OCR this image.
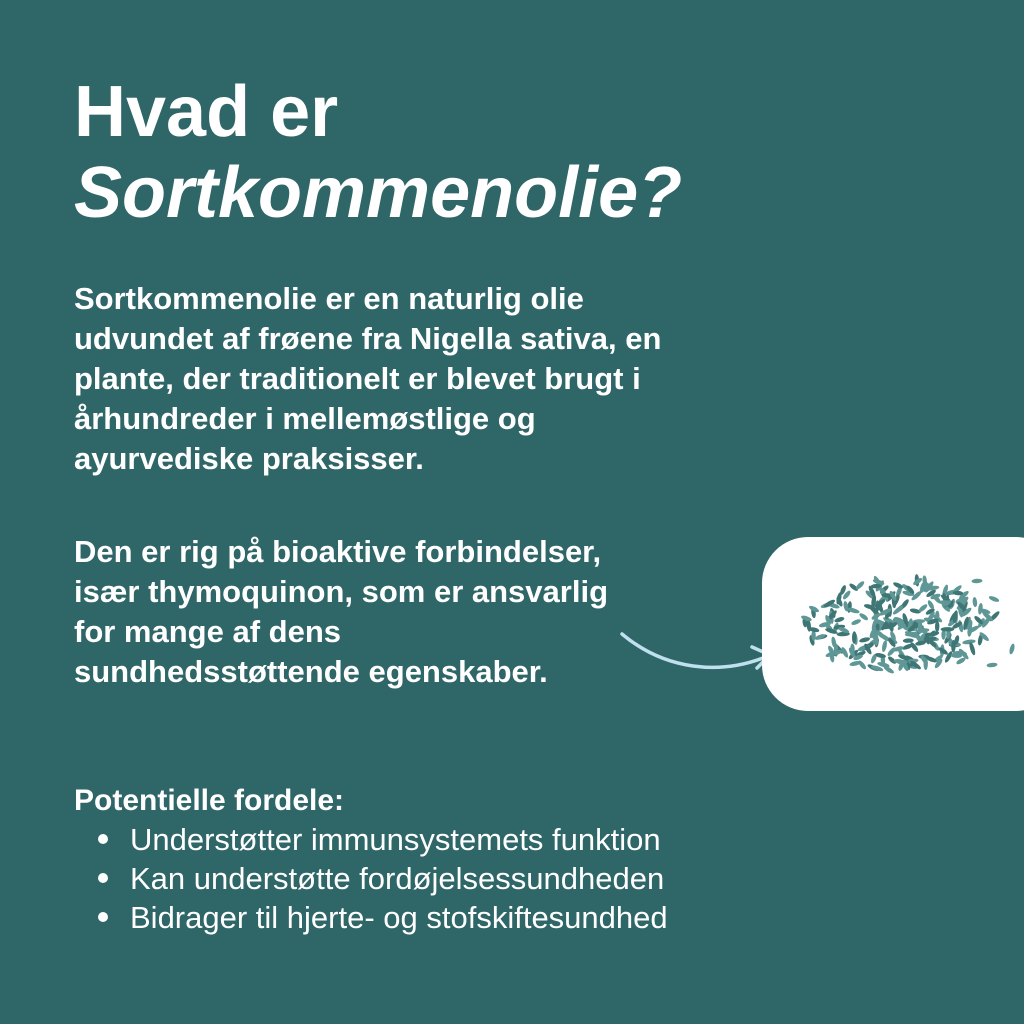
Hvad er
Sortkommenolie?

Sortkommenolie er en naturlig olie
udvundet af frøene fra Nigella sativa, en
plante, der traditionelt er blevet brugt i
århundreder i mellemøstlige og
ayurvediske praksisser.

Den er rig på bioaktive forbindelser,
især thymoquinon, som er ansvarlig
for mange af dens
sundhedsstøttende egenskaber.

Potentielle fordele:
Understøtter immunsystemets funktion
Kan understøtte fordøjelsessundheden
Bidrager til hjerte- og stofskiftesundhed
